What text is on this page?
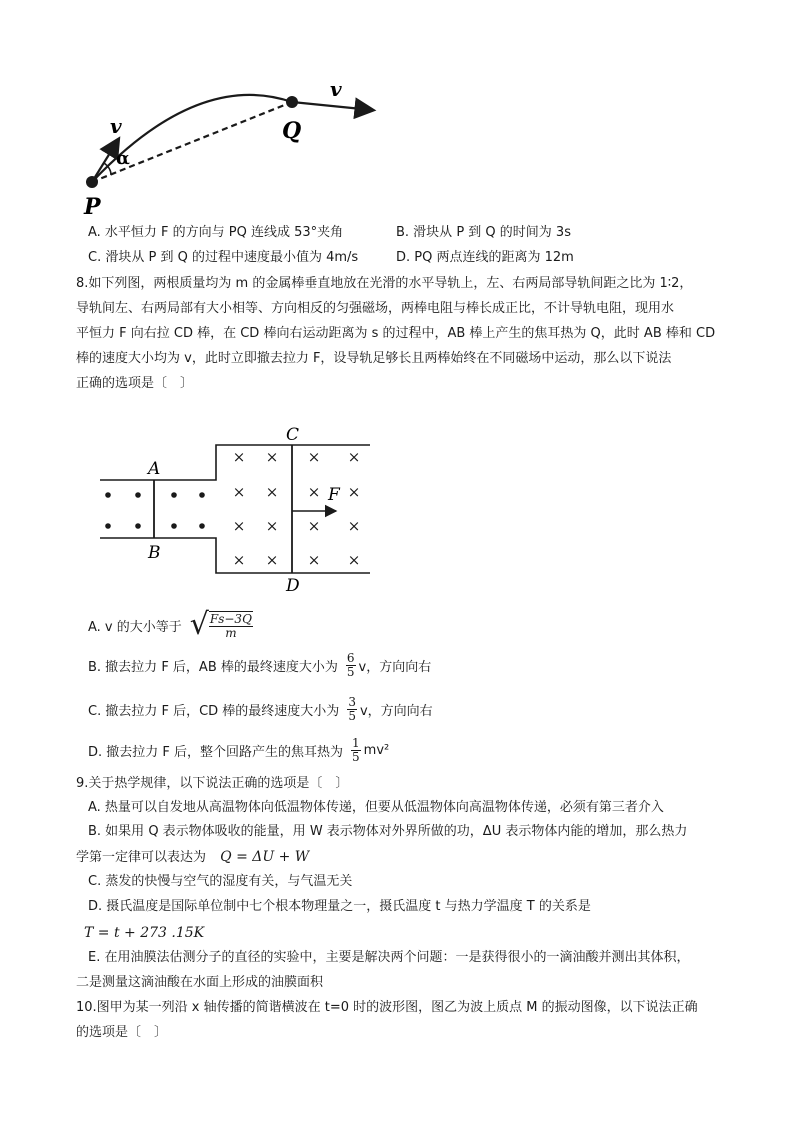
v
α
P
Q
v
A. 水平恒力 F 的方向与 PQ 连线成 53°夹角	B. 滑块从 P 到 Q 的时间为 3s
C. 滑块从 P 到 Q 的过程中速度最小值为 4m/s	D. PQ 两点连线的距离为 12m
8.如下列图，两根质量均为 m 的金属棒垂直地放在光滑的水平导轨上，左、右两局部导轨间距之比为 1∶2，
导轨间左、右两局部有大小相等、方向相反的匀强磁场，两棒电阻与棒长成正比，不计导轨电阻，现用水
平恒力 F 向右拉 CD 棒，在 CD 棒向右运动距离为 s 的过程中，AB 棒上产生的焦耳热为 Q，此时 AB 棒和 CD
棒的速度大小均为 v，此时立即撤去拉力 F，设导轨足够长且两棒始终在不同磁场中运动，那么以下说法
正确的选项是〔　〕
× × × ×
× × × ×
× × × ×
× × × ×
A
B
C
D
F
A. v 的大小等于 √ $\frac{Fs-3Q}{m}$
B. 撤去拉力 F 后，AB 棒的最终速度大小为 $\frac{6}{5}$ v，方向向右
C. 撤去拉力 F 后，CD 棒的最终速度大小为 $\frac{3}{5}$ v，方向向右
D. 撤去拉力 F 后，整个回路产生的焦耳热为 $\frac{1}{5} mv^2$
9.关于热学规律，以下说法正确的选项是〔　〕
A. 热量可以自发地从高温物体向低温物体传递，但要从低温物体向高温物体传递，必须有第三者介入
B. 如果用 Q 表示物体吸收的能量，用 W 表示物体对外界所做的功，ΔU 表示物体内能的增加，那么热力
学第一定律可以表达为 Q = ΔU + W
C. 蒸发的快慢与空气的湿度有关，与气温无关
D. 摄氏温度是国际单位制中七个根本物理量之一，摄氏温度 t 与热力学温度 T 的关系是
T = t + 273 .15K
E. 在用油膜法估测分子的直径的实验中，主要是解决两个问题：一是获得很小的一滴油酸并测出其体积，
二是测量这滴油酸在水面上形成的油膜面积
10.图甲为某一列沿 x 轴传播的简谐横波在 t=0 时的波形图，图乙为波上质点 M 的振动图像，以下说法正确
的选项是〔　〕
